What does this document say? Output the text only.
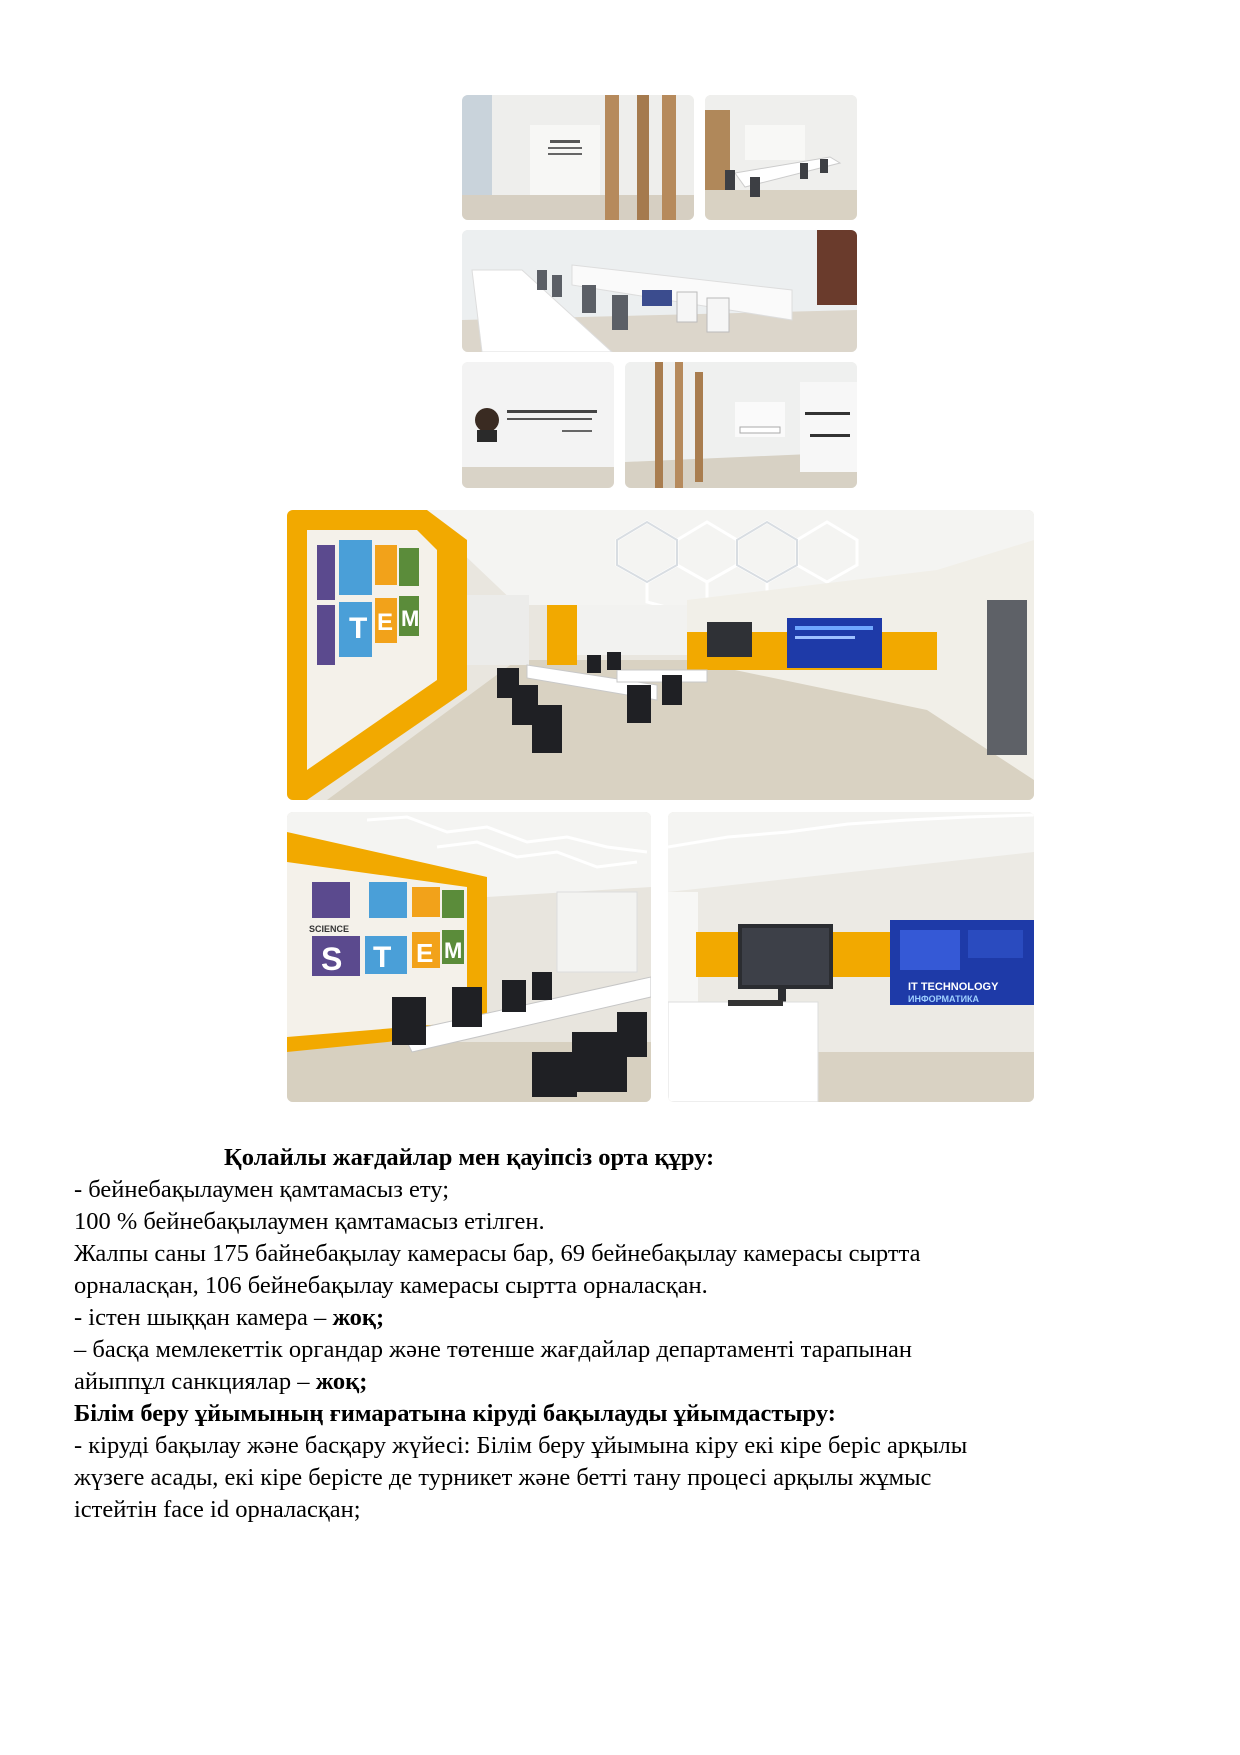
T E M
SCIENCE
S T E M
IT TECHNOLOGY
ИНФОРМАТИКА

Қолайлы жағдайлар мен қауіпсіз орта құру:

- бейнебақылаумен қамтамасыз ету;

100 % бейнебақылаумен қамтамасыз етілген.

Жалпы саны 175 байнебақылау камерасы бар, 69 бейнебақылау камерасы сыртта

орналасқан, 106 бейнебақылау камерасы сыртта орналасқан.

- істен шыққан камера – жоқ;

– басқа мемлекеттік органдар және төтенше жағдайлар департаменті тарапынан

айыппұл санкциялар – жоқ;

Білім беру ұйымының ғимаратына кіруді бақылауды ұйымдастыру:

- кіруді бақылау және басқару жүйесі: Білім беру ұйымына кіру екі кіре беріс арқылы

жүзеге асады, екі кіре берісте де турникет және бетті тану процесі арқылы жұмыс

істейтін face id орналасқан;
